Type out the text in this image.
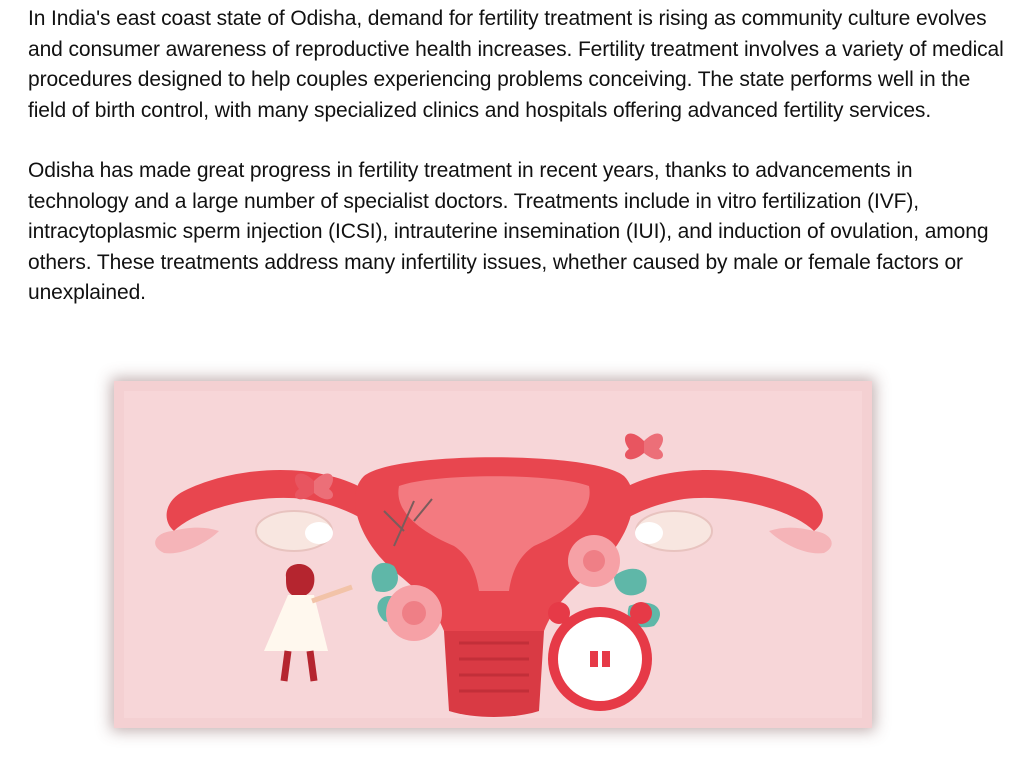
In India's east coast state of Odisha, demand for fertility treatment is rising as community culture evolves and consumer awareness of reproductive health increases. Fertility treatment involves a variety of medical procedures designed to help couples experiencing problems conceiving. The state performs well in the field of birth control, with many specialized clinics and hospitals offering advanced fertility services.

Odisha has made great progress in fertility treatment in recent years, thanks to advancements in technology and a large number of specialist doctors. Treatments include in vitro fertilization (IVF), intracytoplasmic sperm injection (ICSI), intrauterine insemination (IUI), and induction of ovulation, among others. These treatments address many infertility issues, whether caused by male or female factors or unexplained.
